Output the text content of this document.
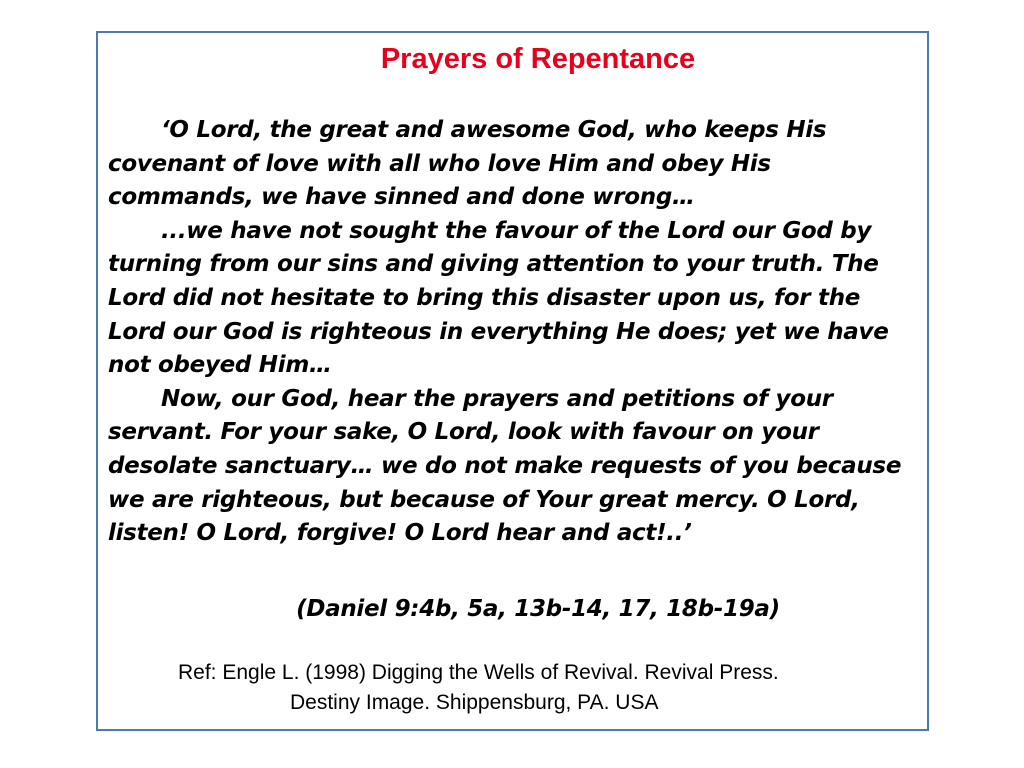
Prayers of Repentance

‘O Lord, the great and awesome God, who keeps His covenant of love with all who love Him and obey His commands, we have sinned and done wrong…

...we have not sought the favour of the Lord our God by turning from our sins and giving attention to your truth. The Lord did not hesitate to bring this disaster upon us, for the Lord our God is righteous in everything He does; yet we have not obeyed Him…

Now, our God, hear the prayers and petitions of your servant. For your sake, O Lord, look with favour on your desolate sanctuary… we do not make requests of you because we are righteous, but because of Your great mercy. O Lord, listen! O Lord, forgive! O Lord hear and act!..’

(Daniel 9:4b, 5a, 13b-14, 17, 18b-19a)
Ref: Engle L. (1998) Digging the Wells of Revival. Revival Press.
Destiny Image. Shippensburg, PA. USA
